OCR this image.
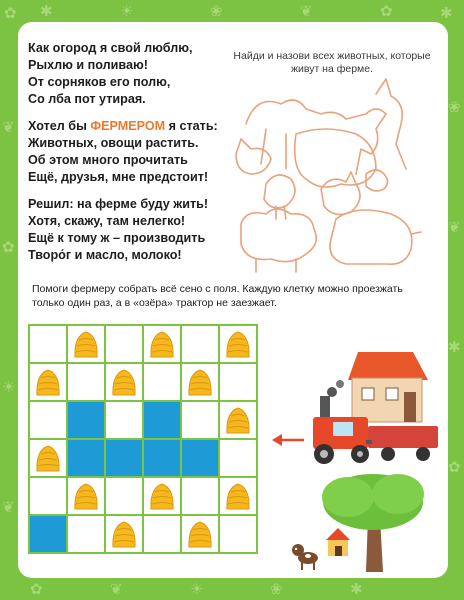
✿ ✱	☀	❀	❦	✿	✱
❦
✿
☀
❦
❀
❦
✱
✿
✿	❦	☀	❀	✱
Как огород я свой люблю,
Рыхлю и поливаю!
От сорняков его полю,
Со лба пот утирая.
Хотел бы ФЕРМЕРОМ я стать:
Животных, овощи растить.
Об этом много прочитать
Ещё, друзья, мне предстоит!
Решил: на ферме буду жить!
Хотя, скажу, там нелегко!
Ещё к тому ж – производить
Творо́г и масло, молоко!
Найди и назови всех животных, которые живут на ферме.
Помоги фермеру собрать всё сено с поля. Каждую клетку можно проезжать только один раз, а в «озёра» трактор не заезжает.
53
